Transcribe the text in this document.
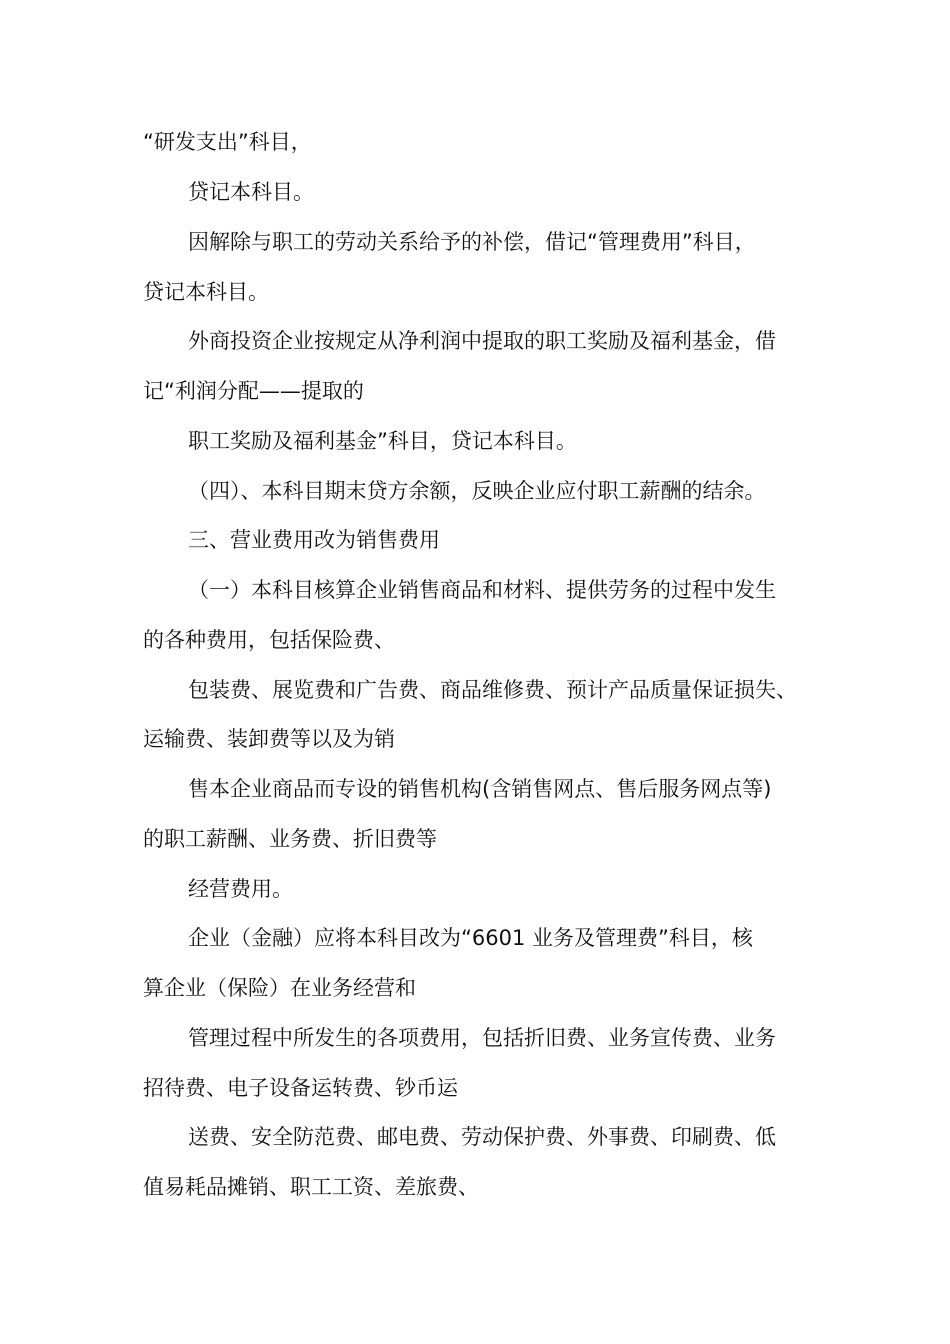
“研发支出”科目，
贷记本科目。
因解除与职工的劳动关系给予的补偿，借记“管理费用”科目，
贷记本科目。
外商投资企业按规定从净利润中提取的职工奖励及福利基金，借
记“利润分配——提取的
职工奖励及福利基金”科目，贷记本科目。
（四）、本科目期末贷方余额，反映企业应付职工薪酬的结余。
三、营业费用改为销售费用
（一）本科目核算企业销售商品和材料、提供劳务的过程中发生
的各种费用，包括保险费、
包装费、展览费和广告费、商品维修费、预计产品质量保证损失、
运输费、装卸费等以及为销
售本企业商品而专设的销售机构(含销售网点、售后服务网点等)
的职工薪酬、业务费、折旧费等
经营费用。
企业（金融）应将本科目改为“6601 业务及管理费”科目，核
算企业（保险）在业务经营和
管理过程中所发生的各项费用，包括折旧费、业务宣传费、业务
招待费、电子设备运转费、钞币运
送费、安全防范费、邮电费、劳动保护费、外事费、印刷费、低
值易耗品摊销、职工工资、差旅费、
